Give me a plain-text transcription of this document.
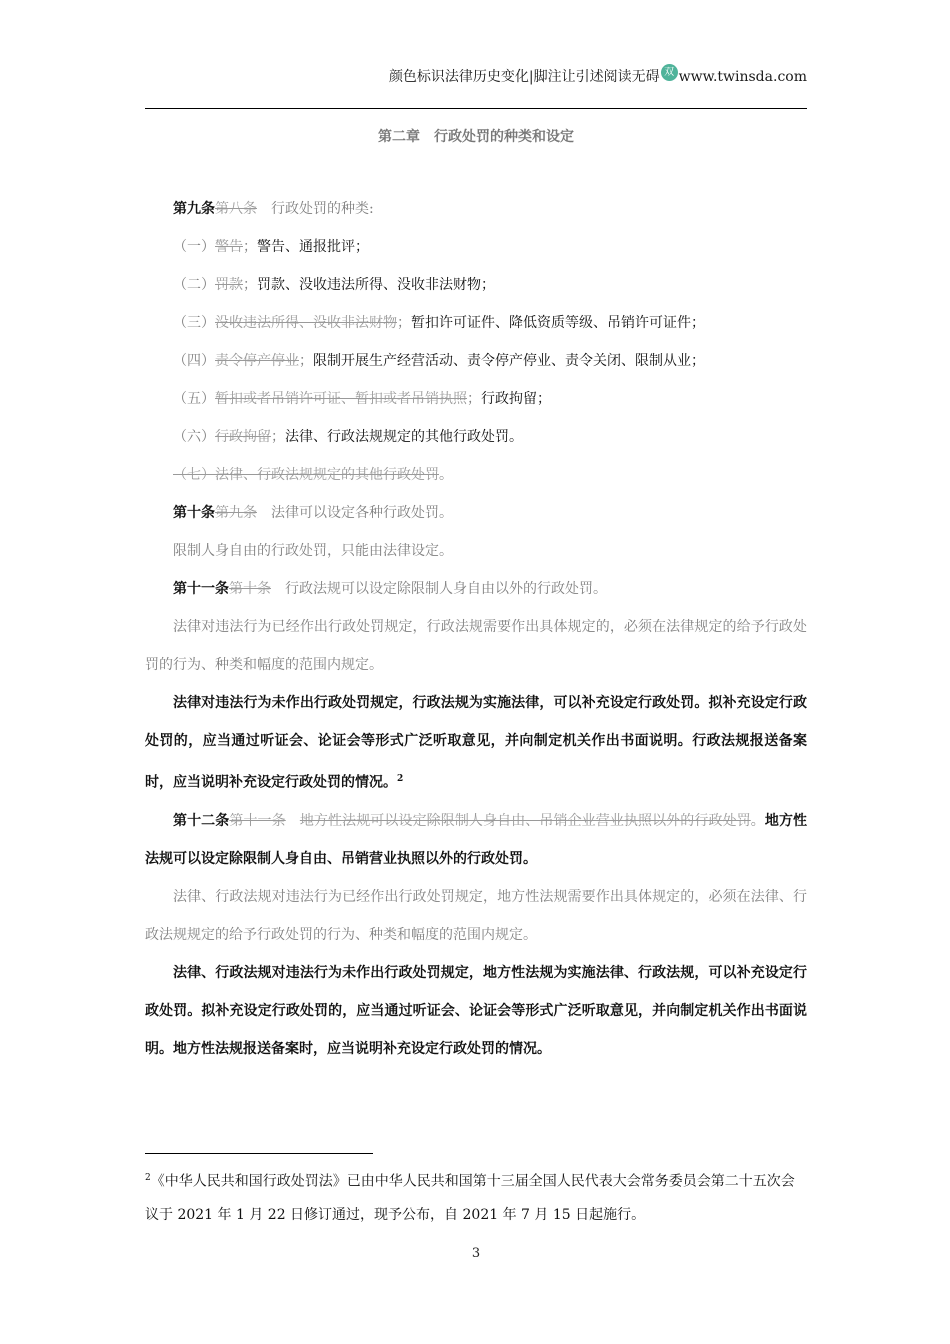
颜色标识法律历史变化|脚注让引述阅读无碍 双 www.twinsda.com
第二章　行政处罚的种类和设定

第九条第八条　 行政处罚的种类:

（一）警告；警告、通报批评；

（二）罚款；罚款、没收违法所得、没收非法财物；

（三）没收违法所得、没收非法财物；暂扣许可证件、降低资质等级、吊销许可证件；

（四）责令停产停业；限制开展生产经营活动、责令停产停业、责令关闭、限制从业；

（五）暂扣或者吊销许可证、暂扣或者吊销执照；行政拘留；

（六）行政拘留；法律、行政法规规定的其他行政处罚。

（七）法律、行政法规规定的其他行政处罚。

第十条第九条　 法律可以设定各种行政处罚。

限制人身自由的行政处罚，只能由法律设定。

第十一条第十条　 行政法规可以设定除限制人身自由以外的行政处罚。

法律对违法行为已经作出行政处罚规定，行政法规需要作出具体规定的，必须在法律规定的给予行政处罚的行为、种类和幅度的范围内规定。

法律对违法行为未作出行政处罚规定，行政法规为实施法律，可以补充设定行政处罚。拟补充设定行政处罚的，应当通过听证会、论证会等形式广泛听取意见，并向制定机关作出书面说明。行政法规报送备案时，应当说明补充设定行政处罚的情况。$^2$

第十二条第十一条　 地方性法规可以设定除限制人身自由、吊销企业营业执照以外的行政处罚。地方性法规可以设定除限制人身自由、吊销营业执照以外的行政处罚。

法律、行政法规对违法行为已经作出行政处罚规定，地方性法规需要作出具体规定的，必须在法律、行政法规规定的给予行政处罚的行为、种类和幅度的范围内规定。

法律、行政法规对违法行为未作出行政处罚规定，地方性法规为实施法律、行政法规，可以补充设定行政处罚。拟补充设定行政处罚的，应当通过听证会、论证会等形式广泛听取意见，并向制定机关作出书面说明。地方性法规报送备案时，应当说明补充设定行政处罚的情况。

$^2$《中华人民共和国行政处罚法》已由中华人民共和国第十三届全国人民代表大会常务委员会第二十五次会议于 2021 年 1 月 22 日修订通过，现予公布，自 2021 年 7 月 15 日起施行。
3
